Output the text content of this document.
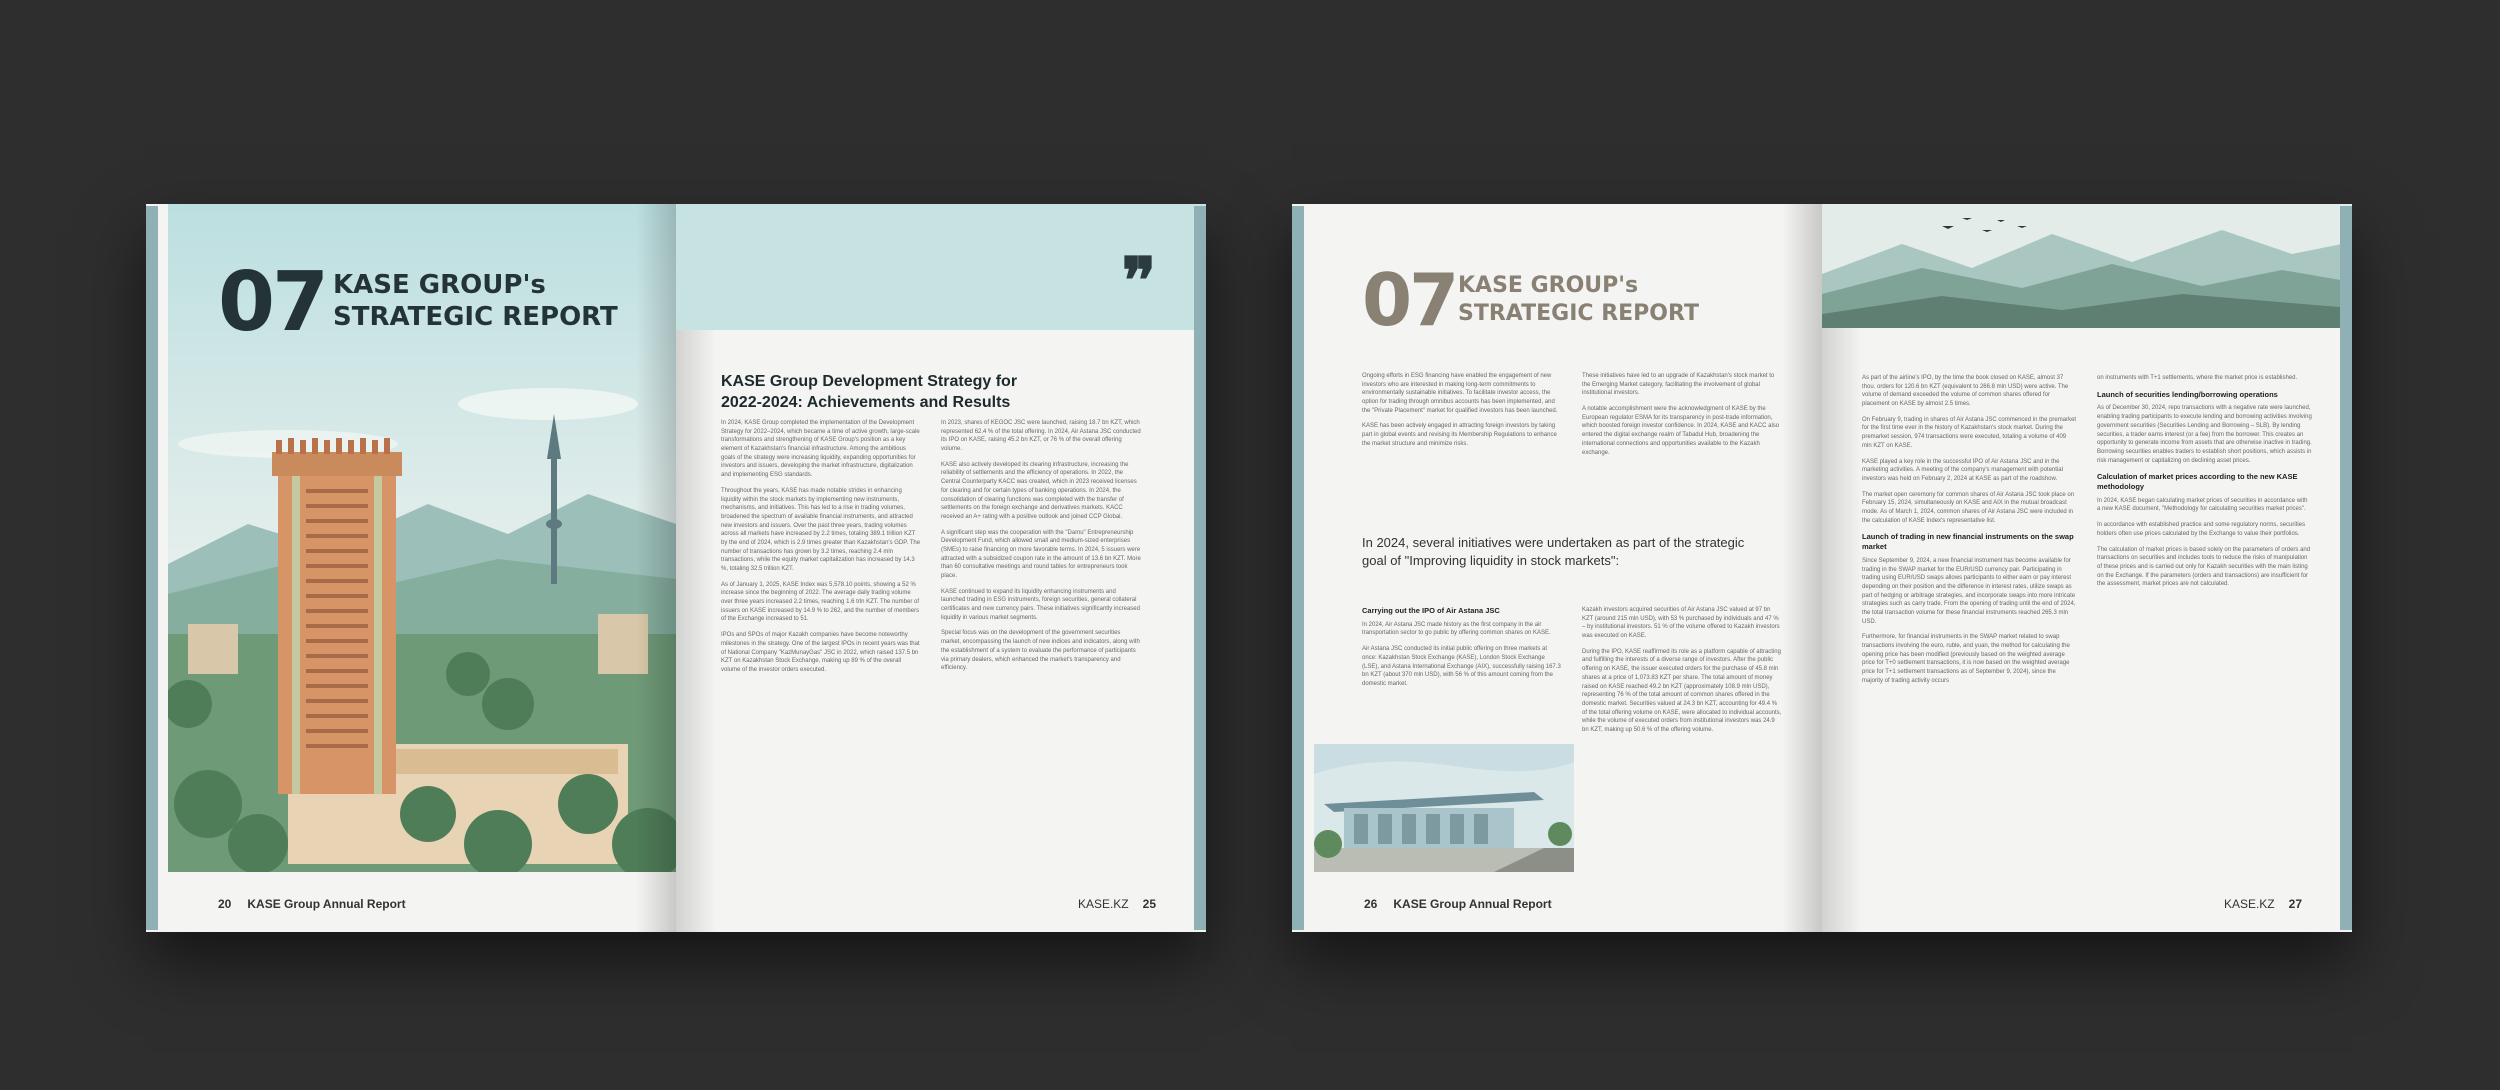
07 KASE GROUP's
STRATEGIC REPORT
20 KASE Group Annual Report
❞
KASE Group Development Strategy for 2022-2024: Achievements and Results

In 2024, KASE Group completed the implementation of the Development Strategy for 2022–2024, which became a time of active growth, large-scale transformations and strengthening of KASE Group's position as a key element of Kazakhstan's financial infrastructure. Among the ambitious goals of the strategy were increasing liquidity, expanding opportunities for investors and issuers, developing the market infrastructure, digitalization and implementing ESG standards.

Throughout the years, KASE has made notable strides in enhancing liquidity within the stock markets by implementing new instruments, mechanisms, and initiatives. This has led to a rise in trading volumes, broadened the spectrum of available financial instruments, and attracted new investors and issuers. Over the past three years, trading volumes across all markets have increased by 2.2 times, totaling 389.1 trillion KZT by the end of 2024, which is 2.9 times greater than Kazakhstan's GDP. The number of transactions has grown by 3.2 times, reaching 2.4 mln transactions, while the equity market capitalization has increased by 14.3 %, totaling 32.5 trillion KZT.

As of January 1, 2025, KASE Index was 5,578.10 points, showing a 52 % increase since the beginning of 2022. The average daily trading volume over three years increased 2.2 times, reaching 1.6 trln KZT. The number of issuers on KASE increased by 14.9 % to 262, and the number of members of the Exchange increased to 51.

IPOs and SPOs of major Kazakh companies have become noteworthy milestones in the strategy. One of the largest IPOs in recent years was that of National Company "KazMunayGas" JSC in 2022, which raised 137.5 bn KZT on Kazakhstan Stock Exchange, making up 89 % of the overall volume of the investor orders executed.

In 2023, shares of KEGOC JSC were launched, raising 18.7 bn KZT, which represented 62.4 % of the total offering. In 2024, Air Astana JSC conducted its IPO on KASE, raising 45.2 bn KZT, or 76 % of the overall offering volume.

KASE also actively developed its clearing infrastructure, increasing the reliability of settlements and the efficiency of operations. In 2022, the Central Counterparty KACC was created, which in 2023 received licenses for clearing and for certain types of banking operations. In 2024, the consolidation of clearing functions was completed with the transfer of settlements on the foreign exchange and derivatives markets. KACC received an A+ rating with a positive outlook and joined CCP Global.

A significant step was the cooperation with the "Damu" Entrepreneurship Development Fund, which allowed small and medium-sized enterprises (SMEs) to raise financing on more favorable terms. In 2024, 5 issuers were attracted with a subsidized coupon rate in the amount of 13.6 bn KZT. More than 60 consultative meetings and round tables for entrepreneurs took place.

KASE continued to expand its liquidity enhancing instruments and launched trading in ESG instruments, foreign securities, general collateral certificates and new currency pairs. These initiatives significantly increased liquidity in various market segments.

Special focus was on the development of the government securities market, encompassing the launch of new indices and indicators, along with the establishment of a system to evaluate the performance of participants via primary dealers, which enhanced the market's transparency and efficiency.

KASE.KZ 25
07 KASE GROUP's
STRATEGIC REPORT

Ongoing efforts in ESG financing have enabled the engagement of new investors who are interested in making long-term commitments to environmentally sustainable initiatives. To facilitate investor access, the option for trading through omnibus accounts has been implemented, and the "Private Placement" market for qualified investors has been launched.

KASE has been actively engaged in attracting foreign investors by taking part in global events and revising its Membership Regulations to enhance the market structure and minimize risks.

These initiatives have led to an upgrade of Kazakhstan's stock market to the Emerging Market category, facilitating the involvement of global institutional investors.

A notable accomplishment were the acknowledgment of KASE by the European regulator ESMA for its transparency in post-trade information, which boosted foreign investor confidence. In 2024, KASE and KACC also entered the digital exchange realm of Tabadul Hub, broadening the international connections and opportunities available to the Kazakh exchange.

In 2024, several initiatives were undertaken as part of the strategic goal of "Improving liquidity in stock markets":
Carrying out the IPO of Air Astana JSC

In 2024, Air Astana JSC made history as the first company in the air transportation sector to go public by offering common shares on KASE.

Air Astana JSC conducted its initial public offering on three markets at once: Kazakhstan Stock Exchange (KASE), London Stock Exchange (LSE), and Astana International Exchange (AIX), successfully raising 167.3 bn KZT (about 370 mln USD), with 56 % of this amount coming from the domestic market.

Kazakh investors acquired securities of Air Astana JSC valued at 97 bn KZT (around 215 mln USD), with 53 % purchased by individuals and 47 % – by institutional investors. 51 % of the volume offered to Kazakh investors was executed on KASE.

During the IPO, KASE reaffirmed its role as a platform capable of attracting and fulfilling the interests of a diverse range of investors. After the public offering on KASE, the issuer executed orders for the purchase of 45.8 mln shares at a price of 1,073.83 KZT per share. The total amount of money raised on KASE reached 49.2 bn KZT (approximately 108.9 mln USD), representing 76 % of the total amount of common shares offered in the domestic market. Securities valued at 24.3 bn KZT, accounting for 49.4 % of the total offering volume on KASE, were allocated to individual accounts, while the volume of executed orders from institutional investors was 24.9 bn KZT, making up 50.6 % of the offering volume.

26 KASE Group Annual Report

As part of the airline's IPO, by the time the book closed on KASE, almost 37 thou. orders for 120.6 bn KZT (equivalent to 266.8 mln USD) were active. The volume of demand exceeded the volume of common shares offered for placement on KASE by almost 2.5 times.

On February 9, trading in shares of Air Astana JSC commenced in the premarket for the first time ever in the history of Kazakhstan's stock market. During the premarket session, 974 transactions were executed, totaling a volume of 409 mln KZT on KASE.

KASE played a key role in the successful IPO of Air Astana JSC and in the marketing activities. A meeting of the company's management with potential investors was held on February 2, 2024 at KASE as part of the roadshow.

The market open ceremony for common shares of Air Astana JSC took place on February 15, 2024, simultaneously on KASE and AIX in the mutual broadcast mode. As of March 1, 2024, common shares of Air Astana JSC were included in the calculation of KASE Index's representative list.

Launch of trading in new financial instruments on the swap market

Since September 9, 2024, a new financial instrument has become available for trading in the SWAP market for the EUR/USD currency pair. Participating in trading using EUR/USD swaps allows participants to either earn or pay interest depending on their position and the difference in interest rates, utilize swaps as part of hedging or arbitrage strategies, and incorporate swaps into more intricate strategies such as carry trade. From the opening of trading until the end of 2024, the total transaction volume for these financial instruments reached 265.3 mln USD.

Furthermore, for financial instruments in the SWAP market related to swap transactions involving the euro, ruble, and yuan, the method for calculating the opening price has been modified (previously based on the weighted average price for T+0 settlement transactions, it is now based on the weighted average price for T+1 settlement transactions as of September 9, 2024), since the majority of trading activity occurs

on instruments with T+1 settlements, where the market price is established.

Launch of securities lending/borrowing operations

As of December 30, 2024, repo transactions with a negative rate were launched, enabling trading participants to execute lending and borrowing activities involving government securities (Securities Lending and Borrowing – SLB). By lending securities, a trader earns interest (or a fee) from the borrower. This creates an opportunity to generate income from assets that are otherwise inactive in trading. Borrowing securities enables traders to establish short positions, which assists in risk management or capitalizing on declining asset prices.

Calculation of market prices according to the new KASE methodology

In 2024, KASE began calculating market prices of securities in accordance with a new KASE document, "Methodology for calculating securities market prices".

In accordance with established practice and some regulatory norms, securities holders often use prices calculated by the Exchange to value their portfolios.

The calculation of market prices is based solely on the parameters of orders and transactions on securities and includes tools to reduce the risks of manipulation of these prices and is carried out only for Kazakh securities with the main listing on the Exchange. If the parameters (orders and transactions) are insufficient for the assessment, market prices are not calculated.

KASE.KZ 27
